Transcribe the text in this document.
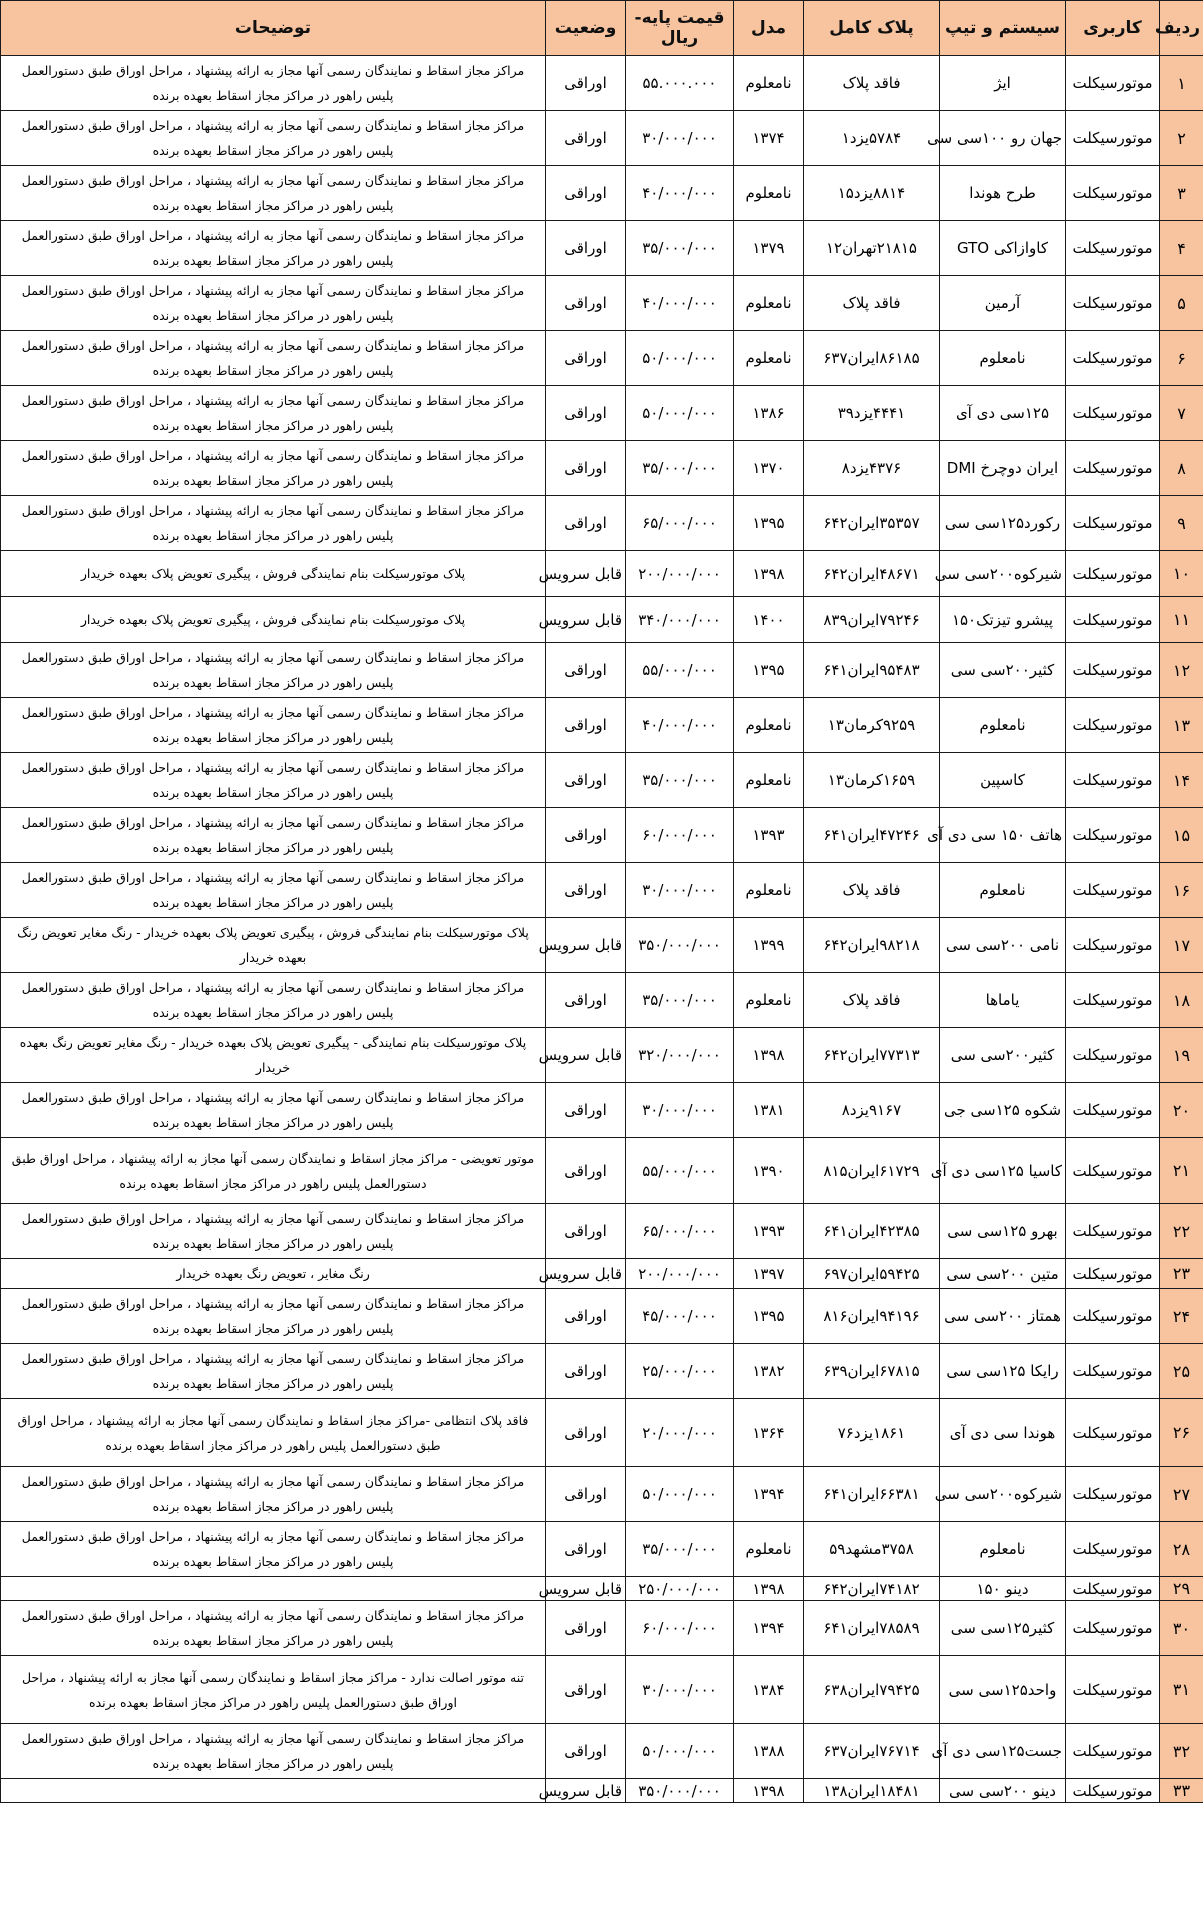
ردیف	کاربری	سیستم و تیپ	پلاک کامل	مدل	قیمت پایه-ریال	وضعیت	توضیحات
۱	موتورسیکلت	ایژ	فاقد پلاک	نامعلوم	۵۵.۰۰۰.۰۰۰	اوراقی	مراکز مجاز اسقاط و نمایندگان رسمی آنها مجاز به ارائه پیشنهاد ، مراحل اوراق طبق دستورالعمل پلیس راهور در مراکز مجاز اسقاط بعهده برنده
۲	موتورسیکلت	جهان رو ۱۰۰سی سی	۵۷۸۴یزد۱	۱۳۷۴	۳۰/۰۰۰/۰۰۰	اوراقی	مراکز مجاز اسقاط و نمایندگان رسمی آنها مجاز به ارائه پیشنهاد ، مراحل اوراق طبق دستورالعمل پلیس راهور در مراکز مجاز اسقاط بعهده برنده
۳	موتورسیکلت	طرح هوندا	۸۸۱۴یزد۱۵	نامعلوم	۴۰/۰۰۰/۰۰۰	اوراقی	مراکز مجاز اسقاط و نمایندگان رسمی آنها مجاز به ارائه پیشنهاد ، مراحل اوراق طبق دستورالعمل پلیس راهور در مراکز مجاز اسقاط بعهده برنده
۴	موتورسیکلت	کاوازاکی GTO	۲۱۸۱۵تهران۱۲	۱۳۷۹	۳۵/۰۰۰/۰۰۰	اوراقی	مراکز مجاز اسقاط و نمایندگان رسمی آنها مجاز به ارائه پیشنهاد ، مراحل اوراق طبق دستورالعمل پلیس راهور در مراکز مجاز اسقاط بعهده برنده
۵	موتورسیکلت	آرمین	فاقد پلاک	نامعلوم	۴۰/۰۰۰/۰۰۰	اوراقی	مراکز مجاز اسقاط و نمایندگان رسمی آنها مجاز به ارائه پیشنهاد ، مراحل اوراق طبق دستورالعمل پلیس راهور در مراکز مجاز اسقاط بعهده برنده
۶	موتورسیکلت	نامعلوم	۸۶۱۸۵ایران۶۳۷	نامعلوم	۵۰/۰۰۰/۰۰۰	اوراقی	مراکز مجاز اسقاط و نمایندگان رسمی آنها مجاز به ارائه پیشنهاد ، مراحل اوراق طبق دستورالعمل پلیس راهور در مراکز مجاز اسقاط بعهده برنده
۷	موتورسیکلت	۱۲۵سی دی آی	۴۴۴۱یزد۳۹	۱۳۸۶	۵۰/۰۰۰/۰۰۰	اوراقی	مراکز مجاز اسقاط و نمایندگان رسمی آنها مجاز به ارائه پیشنهاد ، مراحل اوراق طبق دستورالعمل پلیس راهور در مراکز مجاز اسقاط بعهده برنده
۸	موتورسیکلت	ایران دوچرخ DMI	۴۳۷۶یزد۸	۱۳۷۰	۳۵/۰۰۰/۰۰۰	اوراقی	مراکز مجاز اسقاط و نمایندگان رسمی آنها مجاز به ارائه پیشنهاد ، مراحل اوراق طبق دستورالعمل پلیس راهور در مراکز مجاز اسقاط بعهده برنده
۹	موتورسیکلت	رکورد۱۲۵سی سی	۳۵۳۵۷ایران۶۴۲	۱۳۹۵	۶۵/۰۰۰/۰۰۰	اوراقی	مراکز مجاز اسقاط و نمایندگان رسمی آنها مجاز به ارائه پیشنهاد ، مراحل اوراق طبق دستورالعمل پلیس راهور در مراکز مجاز اسقاط بعهده برنده
۱۰	موتورسیکلت	شیرکوه۲۰۰سی سی	۴۸۶۷۱ایران۶۴۲	۱۳۹۸	۲۰۰/۰۰۰/۰۰۰	قابل سرویس	پلاک موتورسیکلت بنام نمایندگی فروش ، پیگیری تعویض پلاک بعهده خریدار
۱۱	موتورسیکلت	پیشرو تیزتک۱۵۰	۷۹۲۴۶ایران۸۳۹	۱۴۰۰	۳۴۰/۰۰۰/۰۰۰	قابل سرویس	پلاک موتورسیکلت بنام نمایندگی فروش ، پیگیری تعویض پلاک بعهده خریدار
۱۲	موتورسیکلت	کثیر۲۰۰سی سی	۹۵۴۸۳ایران۶۴۱	۱۳۹۵	۵۵/۰۰۰/۰۰۰	اوراقی	مراکز مجاز اسقاط و نمایندگان رسمی آنها مجاز به ارائه پیشنهاد ، مراحل اوراق طبق دستورالعمل پلیس راهور در مراکز مجاز اسقاط بعهده برنده
۱۳	موتورسیکلت	نامعلوم	۹۲۵۹کرمان۱۳	نامعلوم	۴۰/۰۰۰/۰۰۰	اوراقی	مراکز مجاز اسقاط و نمایندگان رسمی آنها مجاز به ارائه پیشنهاد ، مراحل اوراق طبق دستورالعمل پلیس راهور در مراکز مجاز اسقاط بعهده برنده
۱۴	موتورسیکلت	کاسپین	۱۶۵۹کرمان۱۳	نامعلوم	۳۵/۰۰۰/۰۰۰	اوراقی	مراکز مجاز اسقاط و نمایندگان رسمی آنها مجاز به ارائه پیشنهاد ، مراحل اوراق طبق دستورالعمل پلیس راهور در مراکز مجاز اسقاط بعهده برنده
۱۵	موتورسیکلت	هاتف ۱۵۰ سی دی آی	۴۷۲۴۶ایران۶۴۱	۱۳۹۳	۶۰/۰۰۰/۰۰۰	اوراقی	مراکز مجاز اسقاط و نمایندگان رسمی آنها مجاز به ارائه پیشنهاد ، مراحل اوراق طبق دستورالعمل پلیس راهور در مراکز مجاز اسقاط بعهده برنده
۱۶	موتورسیکلت	نامعلوم	فاقد پلاک	نامعلوم	۳۰/۰۰۰/۰۰۰	اوراقی	مراکز مجاز اسقاط و نمایندگان رسمی آنها مجاز به ارائه پیشنهاد ، مراحل اوراق طبق دستورالعمل پلیس راهور در مراکز مجاز اسقاط بعهده برنده
۱۷	موتورسیکلت	نامی ۲۰۰سی سی	۹۸۲۱۸ایران۶۴۲	۱۳۹۹	۳۵۰/۰۰۰/۰۰۰	قابل سرویس	پلاک موتورسیکلت بنام نمایندگی فروش ، پیگیری تعویض پلاک بعهده خریدار - رنگ مغایر تعویض رنگ بعهده خریدار
۱۸	موتورسیکلت	یاماها	فاقد پلاک	نامعلوم	۳۵/۰۰۰/۰۰۰	اوراقی	مراکز مجاز اسقاط و نمایندگان رسمی آنها مجاز به ارائه پیشنهاد ، مراحل اوراق طبق دستورالعمل پلیس راهور در مراکز مجاز اسقاط بعهده برنده
۱۹	موتورسیکلت	کثیر۲۰۰سی سی	۷۷۳۱۳ایران۶۴۲	۱۳۹۸	۳۲۰/۰۰۰/۰۰۰	قابل سرویس	پلاک موتورسیکلت بنام نمایندگی - پیگیری تعویض پلاک بعهده خریدار - رنگ مغایر تعویض رنگ بعهده خریدار
۲۰	موتورسیکلت	شکوه ۱۲۵سی جی	۹۱۶۷یزد۸	۱۳۸۱	۳۰/۰۰۰/۰۰۰	اوراقی	مراکز مجاز اسقاط و نمایندگان رسمی آنها مجاز به ارائه پیشنهاد ، مراحل اوراق طبق دستورالعمل پلیس راهور در مراکز مجاز اسقاط بعهده برنده
۲۱	موتورسیکلت	کاسیا ۱۲۵سی دی آی	۶۱۷۲۹ایران۸۱۵	۱۳۹۰	۵۵/۰۰۰/۰۰۰	اوراقی	موتور تعویضی - مراکز مجاز اسقاط و نمایندگان رسمی آنها مجاز به ارائه پیشنهاد ، مراحل اوراق طبق دستورالعمل پلیس راهور در مراکز مجاز اسقاط بعهده برنده
۲۲	موتورسیکلت	بهرو ۱۲۵سی سی	۴۲۳۸۵ایران۶۴۱	۱۳۹۳	۶۵/۰۰۰/۰۰۰	اوراقی	مراکز مجاز اسقاط و نمایندگان رسمی آنها مجاز به ارائه پیشنهاد ، مراحل اوراق طبق دستورالعمل پلیس راهور در مراکز مجاز اسقاط بعهده برنده
۲۳	موتورسیکلت	متین ۲۰۰سی سی	۵۹۴۲۵ایران۶۹۷	۱۳۹۷	۲۰۰/۰۰۰/۰۰۰	قابل سرویس	رنگ مغایر ، تعویض رنگ بعهده خریدار
۲۴	موتورسیکلت	همتاز ۲۰۰سی سی	۹۴۱۹۶ایران۸۱۶	۱۳۹۵	۴۵/۰۰۰/۰۰۰	اوراقی	مراکز مجاز اسقاط و نمایندگان رسمی آنها مجاز به ارائه پیشنهاد ، مراحل اوراق طبق دستورالعمل پلیس راهور در مراکز مجاز اسقاط بعهده برنده
۲۵	موتورسیکلت	رایکا ۱۲۵سی سی	۶۷۸۱۵ایران۶۳۹	۱۳۸۲	۲۵/۰۰۰/۰۰۰	اوراقی	مراکز مجاز اسقاط و نمایندگان رسمی آنها مجاز به ارائه پیشنهاد ، مراحل اوراق طبق دستورالعمل پلیس راهور در مراکز مجاز اسقاط بعهده برنده
۲۶	موتورسیکلت	هوندا سی دی آی	۱۸۶۱یزد۷۶	۱۳۶۴	۲۰/۰۰۰/۰۰۰	اوراقی	فاقد پلاک انتظامی -مراکز مجاز اسقاط و نمایندگان رسمی آنها مجاز به ارائه پیشنهاد ، مراحل اوراق طبق دستورالعمل پلیس راهور در مراکز مجاز اسقاط بعهده برنده
۲۷	موتورسیکلت	شیرکوه۲۰۰سی سی	۶۶۳۸۱ایران۶۴۱	۱۳۹۴	۵۰/۰۰۰/۰۰۰	اوراقی	مراکز مجاز اسقاط و نمایندگان رسمی آنها مجاز به ارائه پیشنهاد ، مراحل اوراق طبق دستورالعمل پلیس راهور در مراکز مجاز اسقاط بعهده برنده
۲۸	موتورسیکلت	نامعلوم	۳۷۵۸مشهد۵۹	نامعلوم	۳۵/۰۰۰/۰۰۰	اوراقی	مراکز مجاز اسقاط و نمایندگان رسمی آنها مجاز به ارائه پیشنهاد ، مراحل اوراق طبق دستورالعمل پلیس راهور در مراکز مجاز اسقاط بعهده برنده
۲۹	موتورسیکلت	دینو ۱۵۰	۷۴۱۸۲ایران۶۴۲	۱۳۹۸	۲۵۰/۰۰۰/۰۰۰	قابل سرویس	
۳۰	موتورسیکلت	کثیر۱۲۵سی سی	۷۸۵۸۹ایران۶۴۱	۱۳۹۴	۶۰/۰۰۰/۰۰۰	اوراقی	مراکز مجاز اسقاط و نمایندگان رسمی آنها مجاز به ارائه پیشنهاد ، مراحل اوراق طبق دستورالعمل پلیس راهور در مراکز مجاز اسقاط بعهده برنده
۳۱	موتورسیکلت	واحد۱۲۵سی سی	۷۹۴۲۵ایران۶۳۸	۱۳۸۴	۳۰/۰۰۰/۰۰۰	اوراقی	تنه موتور اصالت ندارد - مراکز مجاز اسقاط و نمایندگان رسمی آنها مجاز به ارائه پیشنهاد ، مراحل اوراق طبق دستورالعمل پلیس راهور در مراکز مجاز اسقاط بعهده برنده
۳۲	موتورسیکلت	جست۱۲۵سی دی آی	۷۶۷۱۴ایران۶۳۷	۱۳۸۸	۵۰/۰۰۰/۰۰۰	اوراقی	مراکز مجاز اسقاط و نمایندگان رسمی آنها مجاز به ارائه پیشنهاد ، مراحل اوراق طبق دستورالعمل پلیس راهور در مراکز مجاز اسقاط بعهده برنده
۳۳	موتورسیکلت	دینو ۲۰۰سی سی	۱۸۴۸۱ایران۱۳۸	۱۳۹۸	۳۵۰/۰۰۰/۰۰۰	قابل سرویس	
